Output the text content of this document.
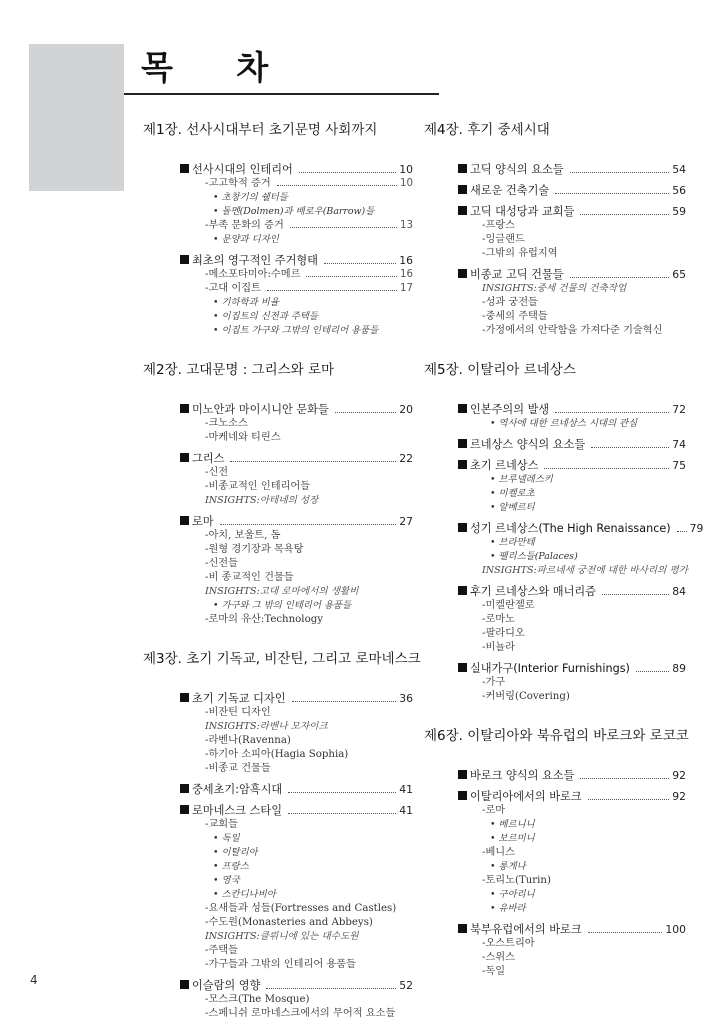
목 차
제1장. 선사시대부터 초기문명 사회까지
선사시대의 인테리어	10
-고고학적 증거	10
• 초창기의 쉘터들
• 돌멘(Dolmen)과 배로우(Barrow)들
-부족 문화의 증거	13
• 문양과 디자인
최초의 영구적인 주거형태	16
-메소포타미아:수메르	16
-고대 이집트	17
• 기하학과 비율
• 이집트의 신전과 주택들
• 이집트 가구와 그밖의 인테리어 용품들
제2장. 고대문명 : 그리스와 로마
미노안과 마이시니안 문화들	20
-크노소스
-마케네와 티린스
그리스	22
-신전
-비종교적인 인테리어들
INSIGHTS:아테네의 성장
로마	27
-아치, 보울트, 돔
-원형 경기장과 목욕탕
-신전들
-비 종교적인 건물들
INSIGHTS:고대 로마에서의 생활비
• 가구와 그 밖의 인테리어 용품들
-로마의 유산:Technology
제3장. 초기 기독교, 비잔틴, 그리고 로마네스크
초기 기독교 디자인	36
-비잔틴 디자인
INSIGHTS:라벤나 모자이크
-라벤나(Ravenna)
-하기아 소피아(Hagia Sophia)
-비종교 건물들
중세초기:암흑시대	41
로마네스크 스타일	41
-교회들
• 독일
• 이탈리아
• 프랑스
• 영국
• 스칸디나비아
-요새들과 성들(Fortresses and Castles)
-수도원(Monasteries and Abbeys)
INSIGHTS:클뤼니에 있는 대수도원
-주택들
-가구들과 그밖의 인테리어 용품들
이슬람의 영향	52
-모스크(The Mosque)
-스페니쉬 로마네스크에서의 무어적 요소들
제4장. 후기 중세시대
고딕 양식의 요소들	54
새로운 건축기술	56
고딕 대성당과 교회들	59
-프랑스
-잉글랜드
-그밖의 유럽지역
비종교 고딕 건물들	65
INSIGHTS:중세 건물의 건축작업
-성과 궁전들
-중세의 주택들
-가정에서의 안락함을 가져다준 기술혁신
제5장. 이탈리아 르네상스
인본주의의 발생	72
• 역사에 대한 르네상스 시대의 관심
르네상스 양식의 요소들	74
초기 르네상스	75
• 브루넬레스키
• 미켈로초
• 알베르티
성기 르네상스(The High Renaissance) 79
• 브라만테
• 팰리스들(Palaces)
INSIGHTS:파르네세 궁전에 대한 바사리의 평가
후기 르네상스와 매너리즘	84
-미켈란젤로
-로마노
-팔라디오
-비뇰라
실내가구(Interior Furnishings)	89
-가구
-커버링(Covering)
제6장. 이탈리아와 북유럽의 바로크와 로코코
바로크 양식의 요소들	92
이탈리아에서의 바로크	92
-로마
• 베르니니
• 보르미니
-베니스
• 롱게나
-토리노(Turin)
• 구아리니
• 유바라
북부유럽에서의 바로크	100
-오스트리아
-스위스
-독일
4
